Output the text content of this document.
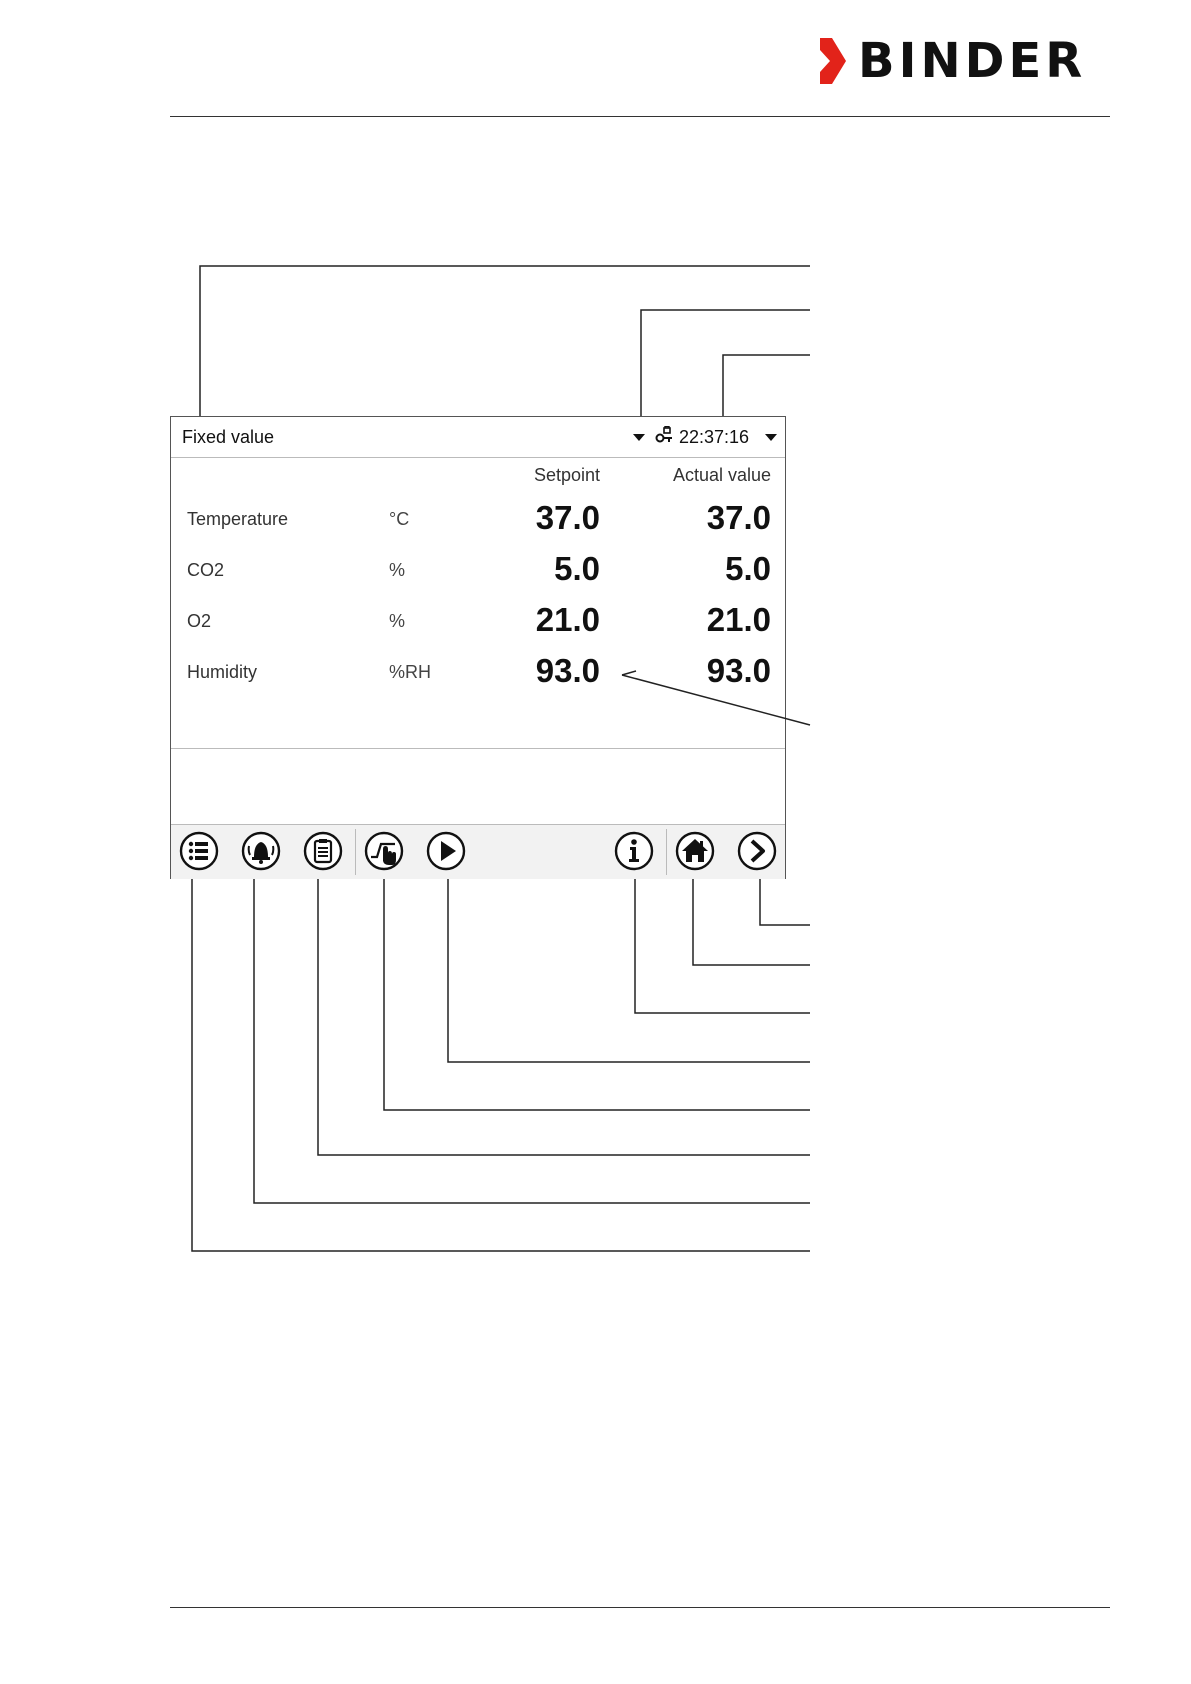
BINDER
Fixed value	22:37:16
Setpoint	Actual value
Temperature	°C	37.0	37.0
CO2	%	5.0	5.0
O2	%	21.0	21.0
Humidity	%RH	93.0	93.0
